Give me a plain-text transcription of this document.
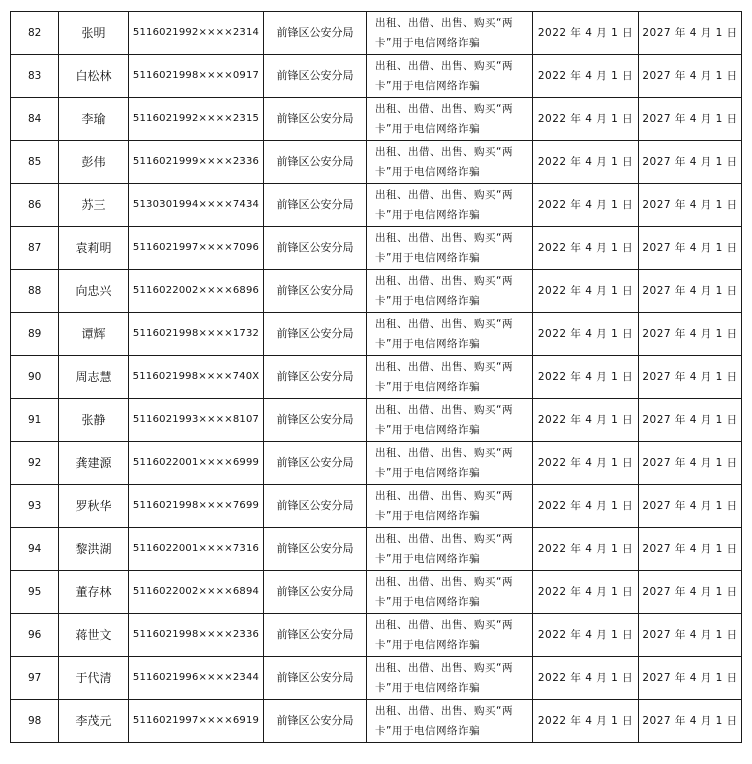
82	张明	5116021992××××2314	前锋区公安分局	出租、出借、出售、购买“两卡”用于电信网络诈骗	2022 年 4 月 1 日	2027 年 4 月 1 日
83	白松林	5116021998××××0917	前锋区公安分局	出租、出借、出售、购买“两卡”用于电信网络诈骗	2022 年 4 月 1 日	2027 年 4 月 1 日
84	李瑜	5116021992××××2315	前锋区公安分局	出租、出借、出售、购买“两卡”用于电信网络诈骗	2022 年 4 月 1 日	2027 年 4 月 1 日
85	彭伟	5116021999××××2336	前锋区公安分局	出租、出借、出售、购买“两卡”用于电信网络诈骗	2022 年 4 月 1 日	2027 年 4 月 1 日
86	苏三	5130301994××××7434	前锋区公安分局	出租、出借、出售、购买“两卡”用于电信网络诈骗	2022 年 4 月 1 日	2027 年 4 月 1 日
87	袁莉明	5116021997××××7096	前锋区公安分局	出租、出借、出售、购买“两卡”用于电信网络诈骗	2022 年 4 月 1 日	2027 年 4 月 1 日
88	向忠兴	5116022002××××6896	前锋区公安分局	出租、出借、出售、购买“两卡”用于电信网络诈骗	2022 年 4 月 1 日	2027 年 4 月 1 日
89	谭辉	5116021998××××1732	前锋区公安分局	出租、出借、出售、购买“两卡”用于电信网络诈骗	2022 年 4 月 1 日	2027 年 4 月 1 日
90	周志慧	5116021998××××740X	前锋区公安分局	出租、出借、出售、购买“两卡”用于电信网络诈骗	2022 年 4 月 1 日	2027 年 4 月 1 日
91	张静	5116021993××××8107	前锋区公安分局	出租、出借、出售、购买“两卡”用于电信网络诈骗	2022 年 4 月 1 日	2027 年 4 月 1 日
92	龚建源	5116022001××××6999	前锋区公安分局	出租、出借、出售、购买“两卡”用于电信网络诈骗	2022 年 4 月 1 日	2027 年 4 月 1 日
93	罗秋华	5116021998××××7699	前锋区公安分局	出租、出借、出售、购买“两卡”用于电信网络诈骗	2022 年 4 月 1 日	2027 年 4 月 1 日
94	黎洪湖	5116022001××××7316	前锋区公安分局	出租、出借、出售、购买“两卡”用于电信网络诈骗	2022 年 4 月 1 日	2027 年 4 月 1 日
95	董存林	5116022002××××6894	前锋区公安分局	出租、出借、出售、购买“两卡”用于电信网络诈骗	2022 年 4 月 1 日	2027 年 4 月 1 日
96	蒋世文	5116021998××××2336	前锋区公安分局	出租、出借、出售、购买“两卡”用于电信网络诈骗	2022 年 4 月 1 日	2027 年 4 月 1 日
97	于代清	5116021996××××2344	前锋区公安分局	出租、出借、出售、购买“两卡”用于电信网络诈骗	2022 年 4 月 1 日	2027 年 4 月 1 日
98	李茂元	5116021997××××6919	前锋区公安分局	出租、出借、出售、购买“两卡”用于电信网络诈骗	2022 年 4 月 1 日	2027 年 4 月 1 日
